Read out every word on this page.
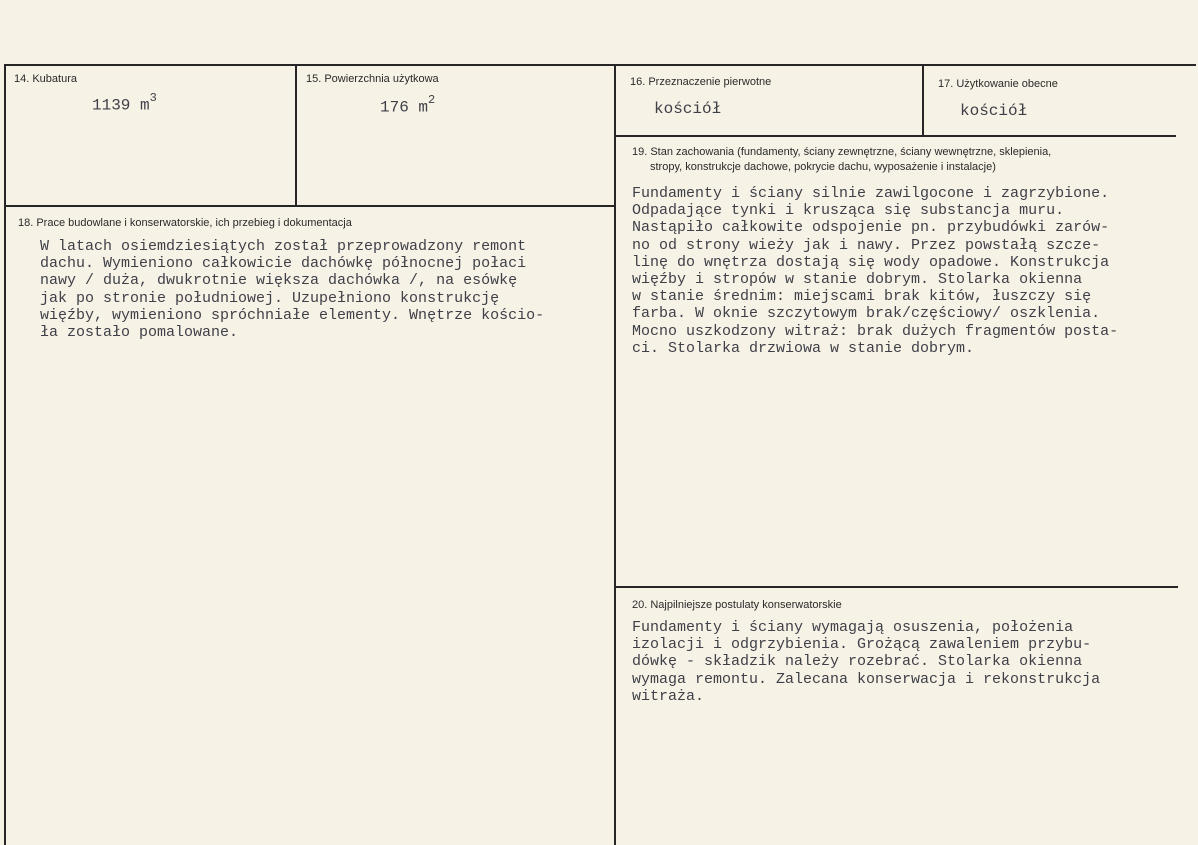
14. Kubatura
1139 $m^3$
15. Powierzchnia użytkowa
176 $m^2$
16. Przeznaczenie pierwotne
kościół
17. Użytkowanie obecne
kościół
18. Prace budowlane i konserwatorskie, ich przebieg i dokumentacja
W latach osiemdziesiątych został przeprowadzony remont
dachu. Wymieniono całkowicie dachówkę północnej połaci
nawy / duża, dwukrotnie większa dachówka /, na esówkę
jak po stronie południowej. Uzupełniono konstrukcję
więźby, wymieniono spróchniałe elementy. Wnętrze kościo-
ła zostało pomalowane.
19. Stan zachowania (fundamenty, ściany zewnętrzne, ściany wewnętrzne, sklepienia,
stropy, konstrukcje dachowe, pokrycie dachu, wyposażenie i instalacje)
Fundamenty i ściany silnie zawilgocone i zagrzybione.
Odpadające tynki i krusząca się substancja muru.
Nastąpiło całkowite odspojenie pn. przybudówki zarów-
no od strony wieży jak i nawy. Przez powstałą szcze-
linę do wnętrza dostają się wody opadowe. Konstrukcja
więźby i stropów w stanie dobrym. Stolarka okienna
w stanie średnim: miejscami brak kitów, łuszczy się
farba. W oknie szczytowym brak/częściowy/ oszklenia.
Mocno uszkodzony witraż: brak dużych fragmentów posta-
ci. Stolarka drzwiowa w stanie dobrym.
20. Najpilniejsze postulaty konserwatorskie
Fundamenty i ściany wymagają osuszenia, położenia
izolacji i odgrzybienia. Grożącą zawaleniem przybu-
dówkę - składzik należy rozebrać. Stolarka okienna
wymaga remontu. Zalecana konserwacja i rekonstrukcja
witraża.
